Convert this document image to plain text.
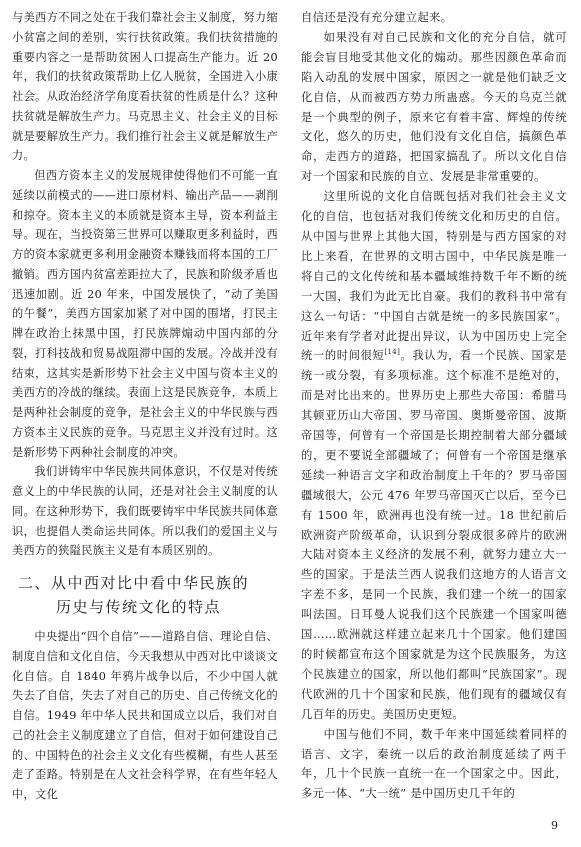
与美西方不同之处在于我们靠社会主义制度，努力缩小贫富之间的差别，实行扶贫政策。我们扶贫措施的重要内容之一是帮助贫困人口提高生产能力。近 20 年，我们的扶贫政策帮助上亿人脱贫，全国进入小康社会。从政治经济学角度看扶贫的性质是什么？这种扶贫就是解放生产力。马克思主义、社会主义的目标就是要解放生产力。我们推行社会主义就是解放生产力。

但西方资本主义的发展规律使得他们不可能一直延续以前模式的——进口原材料、输出产品——剥削和掠夺。资本主义的本质就是资本主导，资本利益主导。现在，当投资第三世界可以赚取更多利益时，西方的资本家就更多利用金融资本赚钱而将本国的工厂撤销。西方国内贫富差距拉大了，民族和阶级矛盾也迅速加剧。近 20 年来，中国发展快了，“动了美国的午餐”，美西方国家加紧了对中国的围堵，打民主牌在政治上抹黑中国，打民族牌煽动中国内部的分裂，打科技战和贸易战阻滞中国的发展。冷战并没有结束，这其实是新形势下社会主义中国与资本主义的美西方的冷战的继续。表面上这是民族竞争，本质上是两种社会制度的竞争，是社会主义的中华民族与西方资本主义民族的竞争。马克思主义并没有过时。这是新形势下两种社会制度的冲突。

我们讲铸牢中华民族共同体意识，不仅是对传统意义上的中华民族的认同，还是对社会主义制度的认同。在这种形势下，我们既要铸牢中华民族共同体意识，也提倡人类命运共同体。所以我们的爱国主义与美西方的狭隘民族主义是有本质区别的。

二、从中西对比中看中华民族的
历史与传统文化的特点

中央提出“四个自信”——道路自信、理论自信、制度自信和文化自信，今天我想从中西对比中谈谈文化自信。自 1840 年鸦片战争以后，不少中国人就失去了自信，失去了对自己的历史、自己传统文化的自信。1949 年中华人民共和国成立以后，我们对自己的社会主义制度建立了自信，但对于如何建设自己的、中国特色的社会主义文化有些模糊，有些人甚至走了歪路。特别是在人文社会科学界，在有些年轻人中，文化

自信还是没有充分建立起来。

如果没有对自己民族和文化的充分自信，就可能会盲目地受其他文化的煽动。那些因颜色革命而陷入动乱的发展中国家，原因之一就是他们缺乏文化自信，从而被西方势力所蛊惑。今天的乌克兰就是一个典型的例子，原来它有着丰富、辉煌的传统文化，悠久的历史，他们没有文化自信，搞颜色革命，走西方的道路，把国家搞乱了。所以文化自信对一个国家和民族的自立、发展是非常重要的。

这里所说的文化自信既包括对我们社会主义文化的自信，也包括对我们传统文化和历史的自信。从中国与世界上其他大国，特别是与西方国家的对比上来看，在世界的文明古国中，中华民族是唯一将自己的文化传统和基本疆域维持数千年不断的统一大国，我们为此无比自豪。我们的教科书中常有这么一句话：“中国自古就是统一的多民族国家”。近年来有学者对此提出异议，认为中国历史上完全统一的时间很短[14]。我认为，看一个民族、国家是统一或分裂，有多项标准。这个标准不是绝对的，而是对比出来的。世界历史上那些大帝国：希腊马其顿亚历山大帝国、罗马帝国、奥斯曼帝国、波斯帝国等，何曾有一个帝国是长期控制着大部分疆域的，更不要说全部疆域了；何曾有一个帝国是继承延续一种语言文字和政治制度上千年的？罗马帝国疆域很大，公元 476 年罗马帝国灭亡以后，至今已有 1500 年，欧洲再也没有统一过。18 世纪前后欧洲资产阶级革命，认识到分裂成很多碎片的欧洲大陆对资本主义经济的发展不利，就努力建立大一些的国家。于是法兰西人说我们这地方的人语言文字差不多，是同一个民族，我们建一个统一的国家叫法国。日耳曼人说我们这个民族建一个国家叫德国……欧洲就这样建立起来几十个国家。他们建国的时候都宣布这个国家就是为这个民族服务，为这个民族建立的国家，所以他们都叫“民族国家”。现代欧洲的几十个国家和民族，他们现有的疆域仅有几百年的历史。美国历史更短。

中国与他们不同，数千年来中国延续着同样的语言、文字，秦统一以后的政治制度延续了两千年，几十个民族一直统一在一个国家之中。因此，多元一体、“大一统” 是中国历史几千年的

9
